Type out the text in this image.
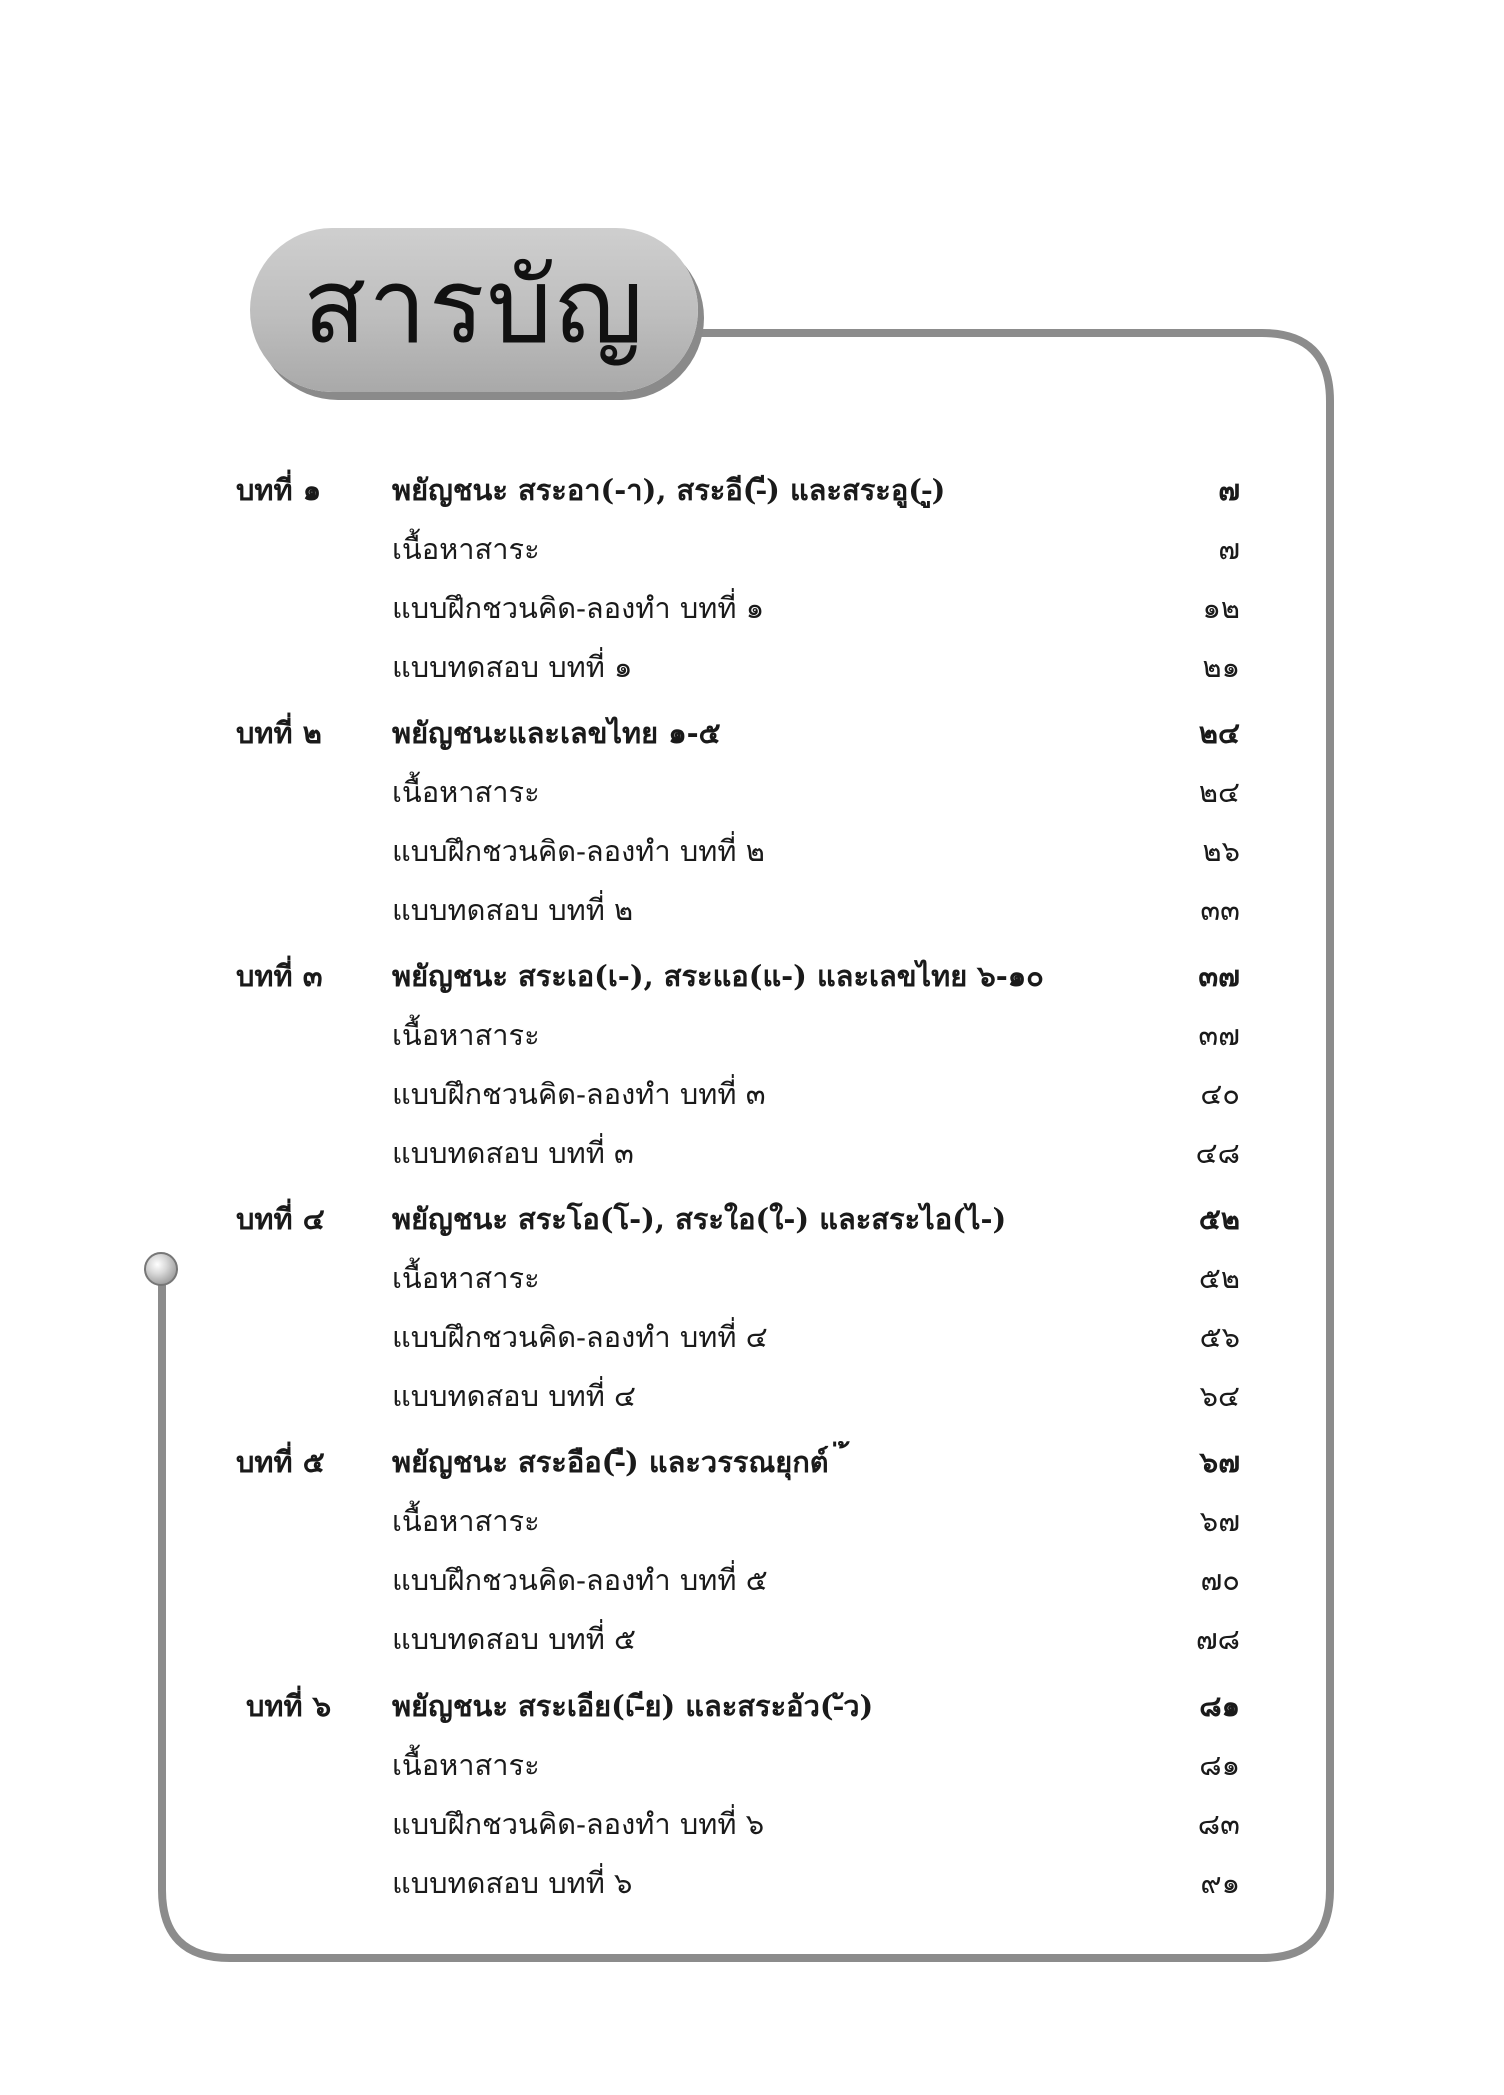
สารบัญ
บทที่ ๑ พยัญชนะ สระอา(-า), สระอี(-ี) และสระอู(-ู)	๗
เนื้อหาสาระ	๗
แบบฝึกชวนคิด-ลองทำ บทที่ ๑	๑๒
แบบทดสอบ บทที่ ๑	๒๑
บทที่ ๒ พยัญชนะและเลขไทย ๑-๕	๒๔
เนื้อหาสาระ	๒๔
แบบฝึกชวนคิด-ลองทำ บทที่ ๒	๒๖
แบบทดสอบ บทที่ ๒	๓๓
บทที่ ๓ พยัญชนะ สระเอ(เ-), สระแอ(แ-) และเลขไทย ๖-๑๐	๓๗
เนื้อหาสาระ	๓๗
แบบฝึกชวนคิด-ลองทำ บทที่ ๓	๔๐
แบบทดสอบ บทที่ ๓	๔๘
บทที่ ๔ พยัญชนะ สระโอ(โ-), สระใอ(ใ-) และสระไอ(ไ-)	๕๒
เนื้อหาสาระ	๕๒
แบบฝึกชวนคิด-ลองทำ บทที่ ๔	๕๖
แบบทดสอบ บทที่ ๔	๖๔
บทที่ ๕ พยัญชนะ สระอือ(-ื) และวรรณยุกต์ ่ ้	๖๗
เนื้อหาสาระ	๖๗
แบบฝึกชวนคิด-ลองทำ บทที่ ๕	๗๐
แบบทดสอบ บทที่ ๕	๗๘
บทที่ ๖ พยัญชนะ สระเอีย(เ-ีย) และสระอัว(-ัว)	๘๑
เนื้อหาสาระ	๘๑
แบบฝึกชวนคิด-ลองทำ บทที่ ๖	๘๓
แบบทดสอบ บทที่ ๖	๙๑
